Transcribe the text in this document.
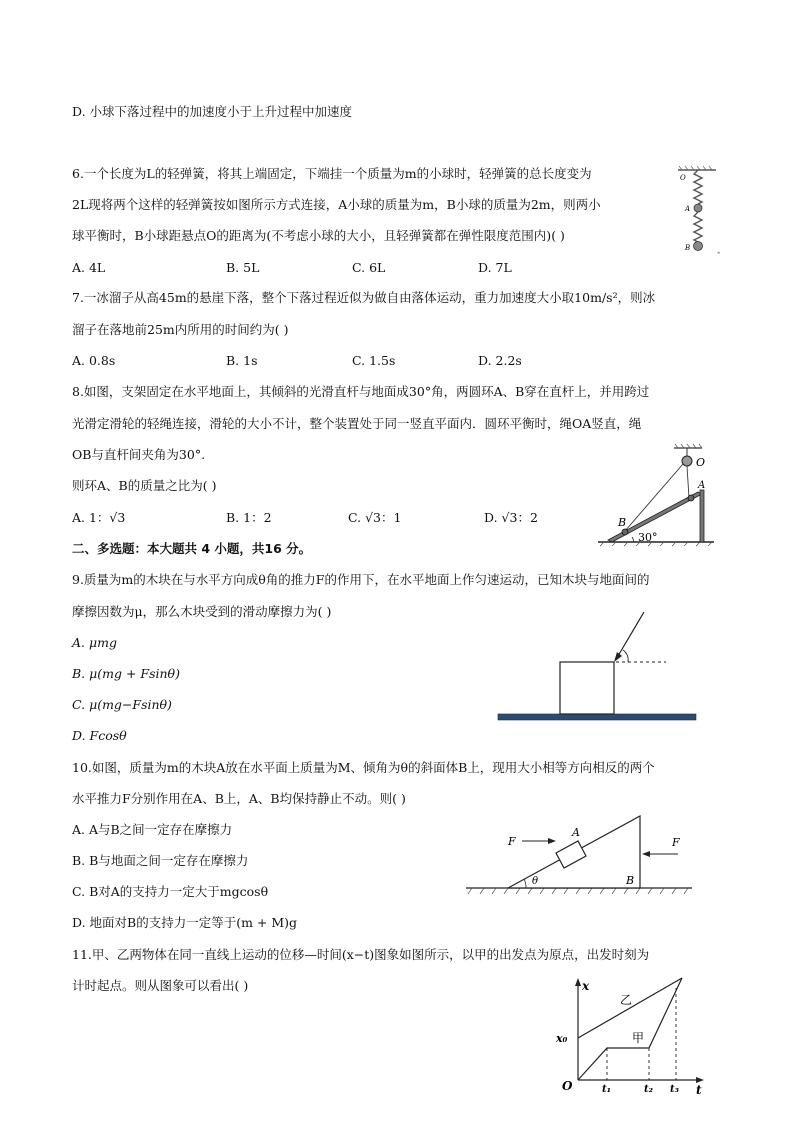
D. 小球下落过程中的加速度小于上升过程中加速度
6.一个长度为L的轻弹簧，将其上端固定，下端挂一个质量为m的小球时，轻弹簧的总长度变为
2L现将两个这样的轻弹簧按如图所示方式连接，A小球的质量为m，B小球的质量为2m，则两小
球平衡时，B小球距悬点O的距离为(不考虑小球的大小，且轻弹簧都在弹性限度范围内)( )
A. 4L	B. 5L	C. 6L	D. 7L
O
A
B
◂
7.一冰溜子从高45m的悬崖下落，整个下落过程近似为做自由落体运动，重力加速度大小取10m/s²，则冰
溜子在落地前25m内所用的时间约为( )
A. 0.8s	B. 1s	C. 1.5s	D. 2.2s
8.如图，支架固定在水平地面上，其倾斜的光滑直杆与地面成30°角，两圆环A、B穿在直杆上，并用跨过
光滑定滑轮的轻绳连接，滑轮的大小不计，整个装置处于同一竖直平面内．圆环平衡时，绳OA竖直，绳
OB与直杆间夹角为30°.
则环A、B的质量之比为( )
A. 1：√3	B. 1：2	C. √3：1	D. √3：2
O
A
B
30°
二、多选题：本大题共 4 小题，共16 分。
9.质量为m的木块在与水平方向成θ角的推力F的作用下，在水平地面上作匀速运动，已知木块与地面间的
摩擦因数为μ，那么木块受到的滑动摩擦力为( )
A. μmg
B. μ(mg + Fsinθ)
C. μ(mg−Fsinθ)
D. Fcosθ
10.如图，质量为m的木块A放在水平面上质量为M、倾角为θ的斜面体B上，现用大小相等方向相反的两个
水平推力F分别作用在A、B上，A、B均保持静止不动。则( )
A. A与B之间一定存在摩擦力
B. B与地面之间一定存在摩擦力
C. B对A的支持力一定大于mgcosθ
D. 地面对B的支持力一定等于(m + M)g
A
F	F
B
θ
11.甲、乙两物体在同一直线上运动的位移—时间(x−t)图象如图所示，以甲的出发点为原点，出发时刻为
计时起点。则从图象可以看出( )	x
t
O
x₀	甲
乙
t₁	t₂ t₃
